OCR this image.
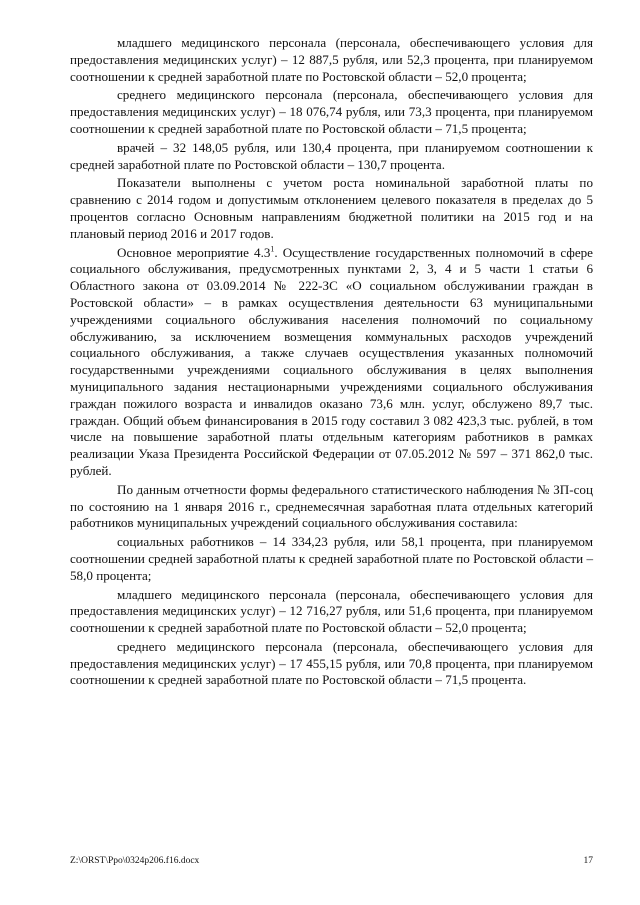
младшего медицинского персонала (персонала, обеспечивающего условия для предоставления медицинских услуг) – 12 887,5 рубля, или 52,3 процента, при планируемом соотношении к средней заработной плате по Ростовской области – 52,0 процента;

среднего медицинского персонала (персонала, обеспечивающего условия для предоставления медицинских услуг) – 18 076,74 рубля, или 73,3 процента, при планируемом соотношении к средней заработной плате по Ростовской области – 71,5 процента;

врачей – 32 148,05 рубля, или 130,4 процента, при планируемом соотношении к средней заработной плате по Ростовской области – 130,7 процента.

Показатели выполнены с учетом роста номинальной заработной платы по сравнению с 2014 годом и допустимым отклонением целевого показателя в пределах до 5 процентов согласно Основным направлениям бюджетной политики на 2015 год и на плановый период 2016 и 2017 годов.

Основное мероприятие $4.3^1$. Осуществление государственных полномочий в сфере социального обслуживания, предусмотренных пунктами 2, 3, 4 и 5 части 1 статьи 6 Областного закона от 03.09.2014 № 222-ЗС «О социальном обслуживании граждан в Ростовской области» – в рамках осуществления деятельности 63 муниципальными учреждениями социального обслуживания населения полномочий по социальному обслуживанию, за исключением возмещения коммунальных расходов учреждений социального обслуживания, а также случаев осуществления указанных полномочий государственными учреждениями социального обслуживания в целях выполнения муниципального задания нестационарными учреждениями социального обслуживания граждан пожилого возраста и инвалидов оказано 73,6 млн. услуг, обслужено 89,7 тыс. граждан. Общий объем финансирования в 2015 году составил 3 082 423,3 тыс. рублей, в том числе на повышение заработной платы отдельным категориям работников в рамках реализации Указа Президента Российской Федерации от 07.05.2012 № 597 – 371 862,0 тыс. рублей.

По данным отчетности формы федерального статистического наблюдения № ЗП-соц по состоянию на 1 января 2016 г., среднемесячная заработная плата отдельных категорий работников муниципальных учреждений социального обслуживания составила:

социальных работников – 14 334,23 рубля, или 58,1 процента, при планируемом соотношении средней заработной платы к средней заработной плате по Ростовской области – 58,0 процента;

младшего медицинского персонала (персонала, обеспечивающего условия для предоставления медицинских услуг) – 12 716,27 рубля, или 51,6 процента, при планируемом соотношении к средней заработной плате по Ростовской области – 52,0 процента;

среднего медицинского персонала (персонала, обеспечивающего условия для предоставления медицинских услуг) – 17 455,15 рубля, или 70,8 процента, при планируемом соотношении к средней заработной плате по Ростовской области – 71,5 процента.

Z:\ORST\Ppo\0324p206.f16.docx	17
